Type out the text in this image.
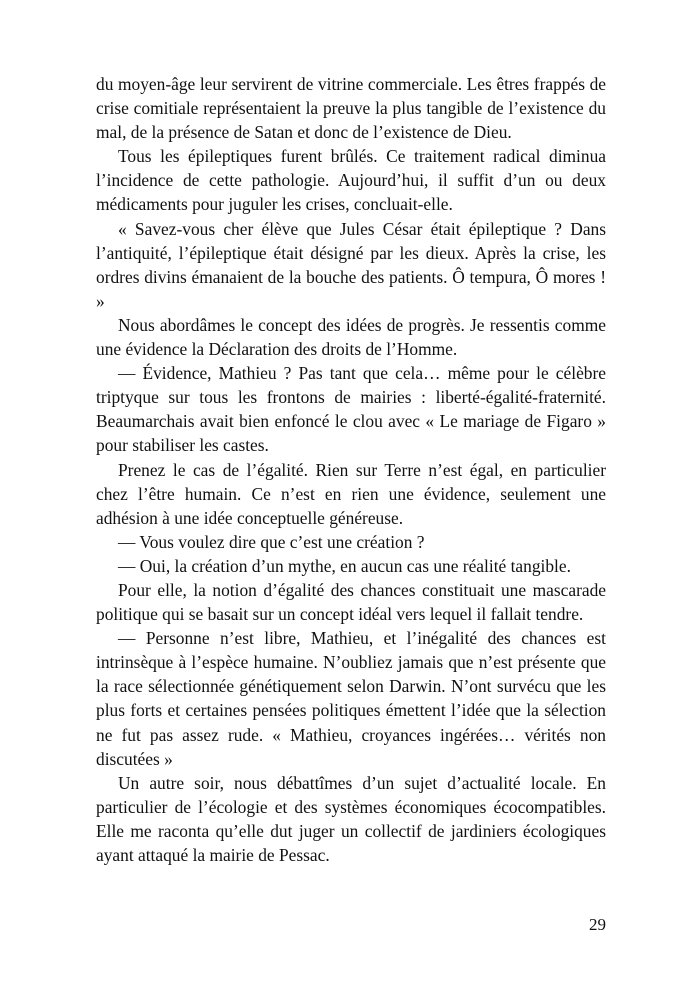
du moyen-âge leur servirent de vitrine commerciale. Les êtres frappés de crise comitiale représentaient la preuve la plus tangible de l’existence du mal, de la présence de Satan et donc de l’existence de Dieu.

Tous les épileptiques furent brûlés. Ce traitement radical diminua l’incidence de cette pathologie. Aujourd’hui, il suffit d’un ou deux médicaments pour juguler les crises, concluait-elle.

« Savez-vous cher élève que Jules César était épileptique ? Dans l’antiquité, l’épileptique était désigné par les dieux. Après la crise, les ordres divins émanaient de la bouche des patients. Ô tempura, Ô mores ! »

Nous abordâmes le concept des idées de progrès. Je ressentis comme une évidence la Déclaration des droits de l’Homme.

— Évidence, Mathieu ? Pas tant que cela… même pour le célèbre triptyque sur tous les frontons de mairies : liberté-égalité-fraternité. Beaumarchais avait bien enfoncé le clou avec « Le mariage de Figaro » pour stabiliser les castes.

Prenez le cas de l’égalité. Rien sur Terre n’est égal, en particulier chez l’être humain. Ce n’est en rien une évidence, seulement une adhésion à une idée conceptuelle généreuse.

— Vous voulez dire que c’est une création ?

— Oui, la création d’un mythe, en aucun cas une réalité tangible.

Pour elle, la notion d’égalité des chances constituait une mascarade politique qui se basait sur un concept idéal vers lequel il fallait tendre.

— Personne n’est libre, Mathieu, et l’inégalité des chances est intrinsèque à l’espèce humaine. N’oubliez jamais que n’est présente que la race sélectionnée génétiquement selon Darwin. N’ont survécu que les plus forts et certaines pensées politiques émettent l’idée que la sélection ne fut pas assez rude. « Mathieu, croyances ingérées… vérités non discutées »

Un autre soir, nous débattîmes d’un sujet d’actualité locale. En particulier de l’écologie et des systèmes économiques écocompatibles. Elle me raconta qu’elle dut juger un collectif de jardiniers écologiques ayant attaqué la mairie de Pessac.

29
